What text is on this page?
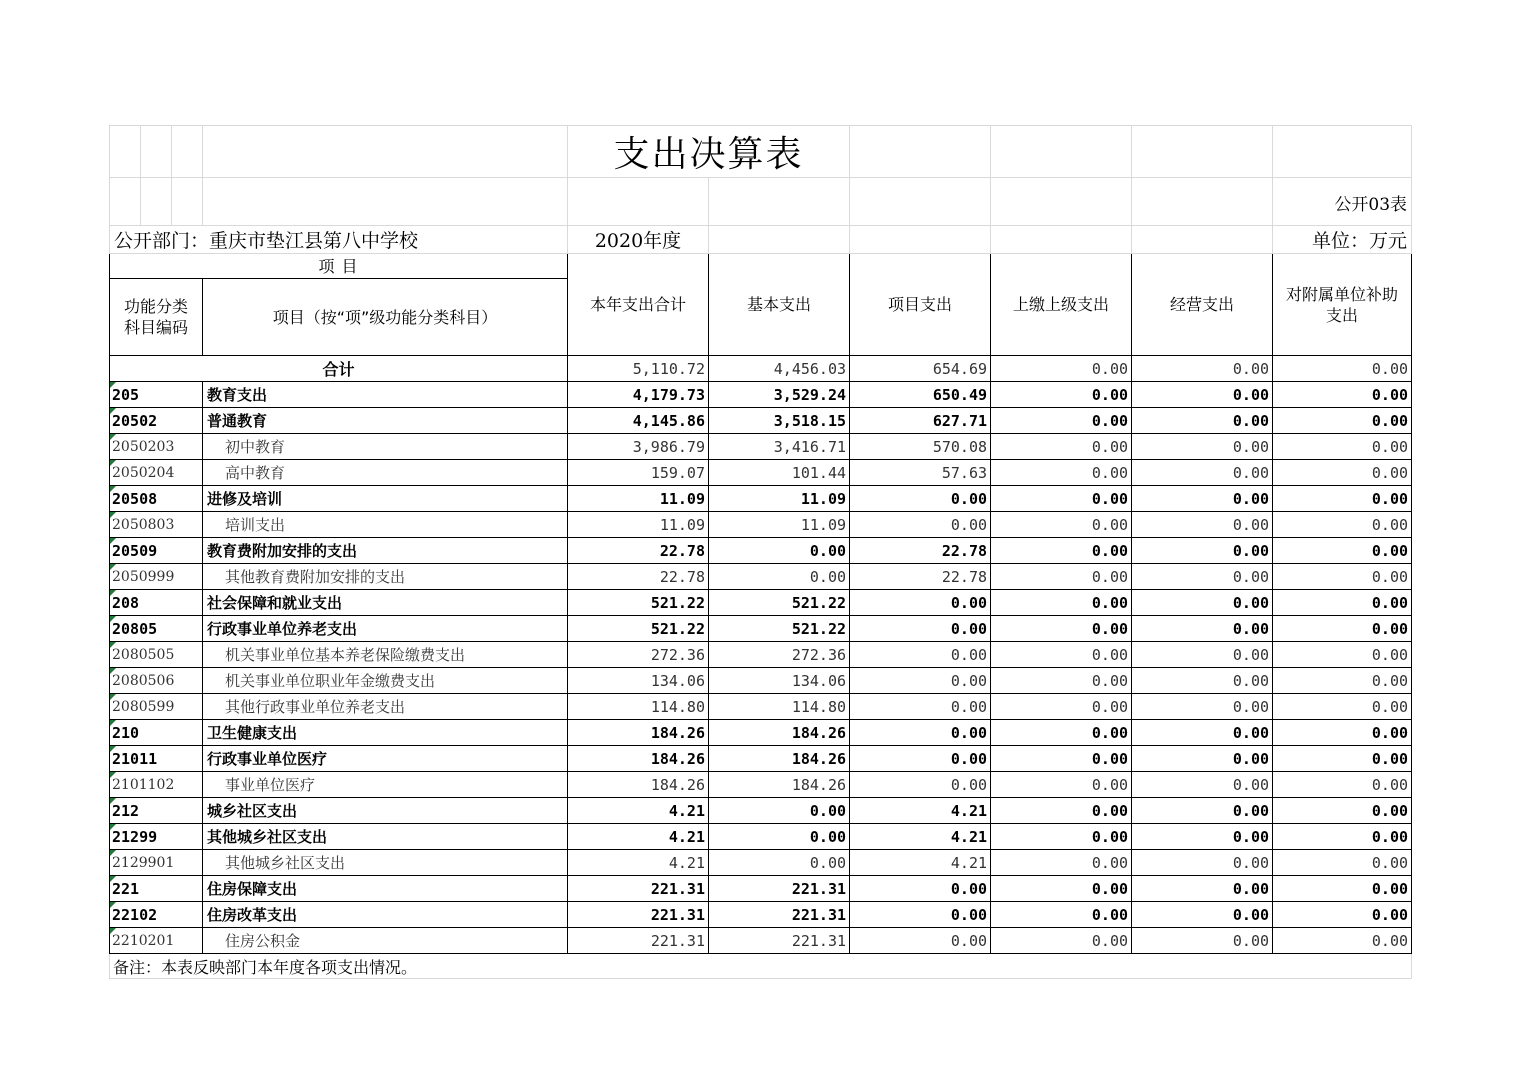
				支出决算表					
									公开03表
公开部门：重庆市垫江县第八中学校				2020年度					单位：万元
项 目				本年支出合计	基本支出	项目支出	上缴上级支出	经营支出	对附属单位补助支出
功能分类科目编码			项目（按“项”级功能分类科目）						
合计				5,110.72	4,456.03	654.69	0.00	0.00	0.00
205			教育支出	4,179.73	3,529.24	650.49	0.00	0.00	0.00
20502			普通教育	4,145.86	3,518.15	627.71	0.00	0.00	0.00
2050203			初中教育	3,986.79	3,416.71	570.08	0.00	0.00	0.00
2050204			高中教育	159.07	101.44	57.63	0.00	0.00	0.00
20508			进修及培训	11.09	11.09	0.00	0.00	0.00	0.00
2050803			培训支出	11.09	11.09	0.00	0.00	0.00	0.00
20509			教育费附加安排的支出	22.78	0.00	22.78	0.00	0.00	0.00
2050999			其他教育费附加安排的支出	22.78	0.00	22.78	0.00	0.00	0.00
208			社会保障和就业支出	521.22	521.22	0.00	0.00	0.00	0.00
20805			行政事业单位养老支出	521.22	521.22	0.00	0.00	0.00	0.00
2080505			机关事业单位基本养老保险缴费支出	272.36	272.36	0.00	0.00	0.00	0.00
2080506			机关事业单位职业年金缴费支出	134.06	134.06	0.00	0.00	0.00	0.00
2080599			其他行政事业单位养老支出	114.80	114.80	0.00	0.00	0.00	0.00
210			卫生健康支出	184.26	184.26	0.00	0.00	0.00	0.00
21011			行政事业单位医疗	184.26	184.26	0.00	0.00	0.00	0.00
2101102			事业单位医疗	184.26	184.26	0.00	0.00	0.00	0.00
212			城乡社区支出	4.21	0.00	4.21	0.00	0.00	0.00
21299			其他城乡社区支出	4.21	0.00	4.21	0.00	0.00	0.00
2129901			其他城乡社区支出	4.21	0.00	4.21	0.00	0.00	0.00
221			住房保障支出	221.31	221.31	0.00	0.00	0.00	0.00
22102			住房改革支出	221.31	221.31	0.00	0.00	0.00	0.00
2210201			住房公积金	221.31	221.31	0.00	0.00	0.00	0.00
备注：本表反映部门本年度各项支出情况。									
